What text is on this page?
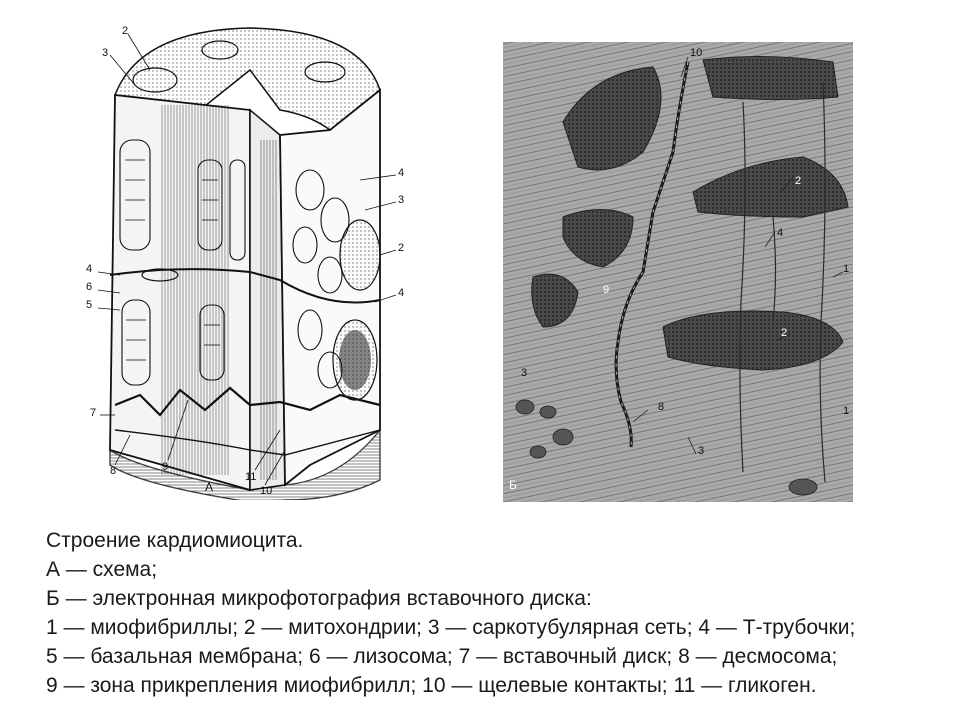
2
3
4
6
5
4
3
2
4
7
8	9
11
10
А
10
2
4
1
9
2
3
8
3
1
Б
Строение кардиомиоцита.
А — схема;
Б — электронная микрофотография вставочного диска:
1 — миофибриллы; 2 — митохондрии; 3 — саркотубулярная сеть; 4 — Т-трубочки;
5 — базальная мембрана; 6 — лизосома; 7 — вставочный диск; 8 — десмосома;
9 — зона прикрепления миофибрилл; 10 — щелевые контакты; 11 — гликоген.
